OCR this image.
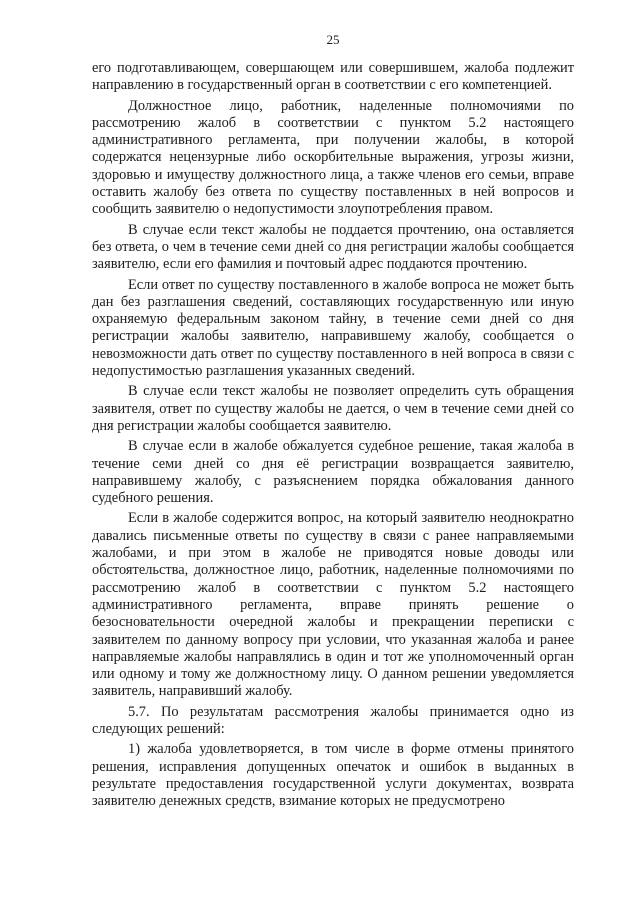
25

его подготавливающем, совершающем или совершившем, жалоба подлежит направлению в государственный орган в соответствии с его компетенцией.

Должностное лицо, работник, наделенные полномочиями по рассмотрению жалоб в соответствии с пунктом 5.2 настоящего административного регламента, при получении жалобы, в которой содержатся нецензурные либо оскорбительные выражения, угрозы жизни, здоровью и имуществу должностного лица, а также членов его семьи, вправе оставить жалобу без ответа по существу поставленных в ней вопросов и сообщить заявителю о недопустимости злоупотребления правом.

В случае если текст жалобы не поддается прочтению, она оставляется без ответа, о чем в течение семи дней со дня регистрации жалобы сообщается заявителю, если его фамилия и почтовый адрес поддаются прочтению.

Если ответ по существу поставленного в жалобе вопроса не может быть дан без разглашения сведений, составляющих государственную или иную охраняемую федеральным законом тайну, в течение семи дней со дня регистрации жалобы заявителю, направившему жалобу, сообщается о невозможности дать ответ по существу поставленного в ней вопроса в связи с недопустимостью разглашения указанных сведений.

В случае если текст жалобы не позволяет определить суть обращения заявителя, ответ по существу жалобы не дается, о чем в течение семи дней со дня регистрации жалобы сообщается заявителю.

В случае если в жалобе обжалуется судебное решение, такая жалоба в течение семи дней со дня её регистрации возвращается заявителю, направившему жалобу, с разъяснением порядка обжалования данного судебного решения.

Если в жалобе содержится вопрос, на который заявителю неоднократно давались письменные ответы по существу в связи с ранее направляемыми жалобами, и при этом в жалобе не приводятся новые доводы или обстоятельства, должностное лицо, работник, наделенные полномочиями по рассмотрению жалоб в соответствии с пунктом 5.2 настоящего административного регламента, вправе принять решение о безосновательности очередной жалобы и прекращении переписки с заявителем по данному вопросу при условии, что указанная жалоба и ранее направляемые жалобы направлялись в один и тот же уполномоченный орган или одному и тому же должностному лицу. О данном решении уведомляется заявитель, направивший жалобу.

5.7. По результатам рассмотрения жалобы принимается одно из следующих решений:

1) жалоба удовлетворяется, в том числе в форме отмены принятого решения, исправления допущенных опечаток и ошибок в выданных в результате предоставления государственной услуги документах, возврата заявителю денежных средств, взимание которых не предусмотрено
